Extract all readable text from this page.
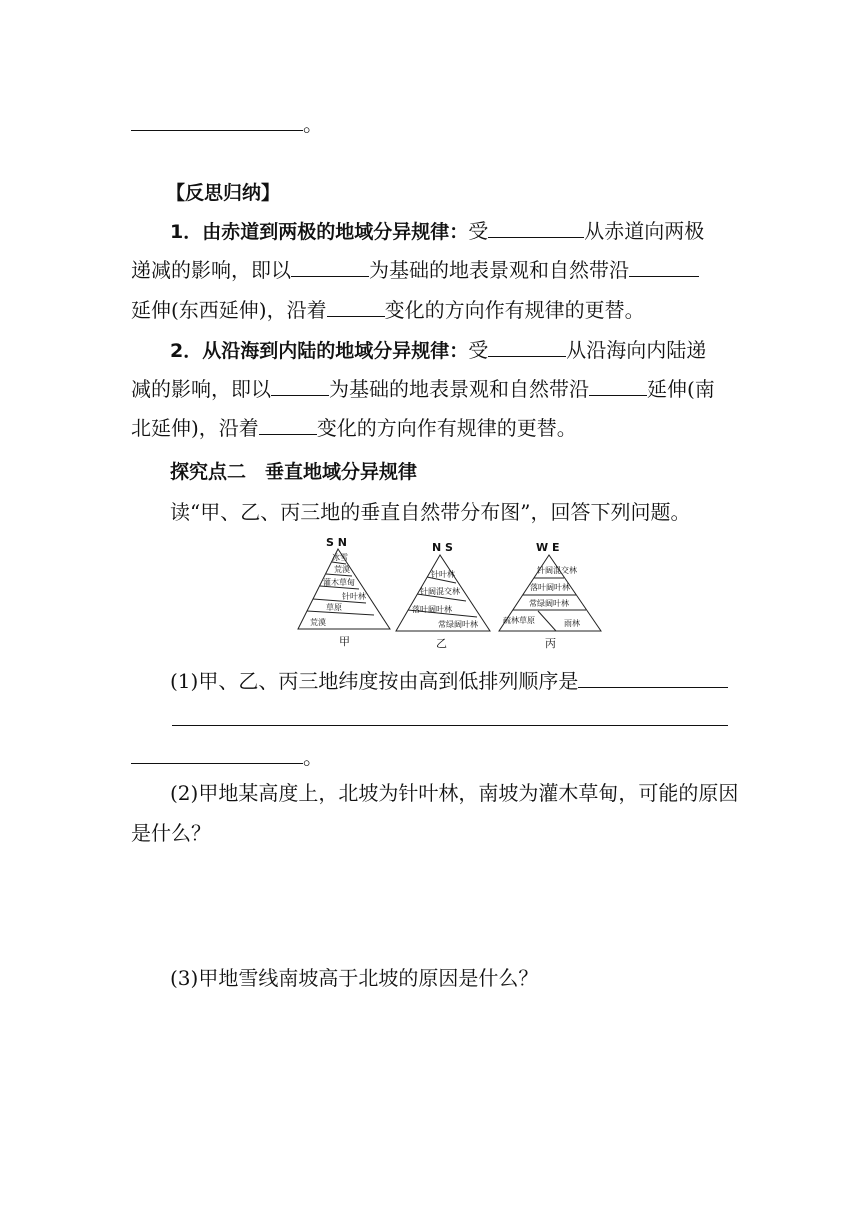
。
【反思归纳】
1．由赤道到两极的地域分异规律：受	从赤道向两极
递减的影响，即以	为基础的地表景观和自然带沿
延伸(东西延伸)，沿着	变化的方向作有规律的更替。
2．从沿海到内陆的地域分异规律：受	从沿海向内陆递
减的影响，即以	为基础的地表景观和自然带沿	延伸(南
北延伸)，沿着	变化的方向作有规律的更替。
探究点二　垂直地域分异规律
读“甲、乙、丙三地的垂直自然带分布图”，回答下列问题。
S N
冰雪
荒漠
灌木草甸
针叶林
草原
荒漠
甲
N S
针叶林
针阔混交林
落叶阔叶林
常绿阔叶林
乙
W E
针阔混交林
落叶阔叶林
常绿阔叶林
疏林草原	雨林
丙
(1)甲、乙、丙三地纬度按由高到低排列顺序是
。
(2)甲地某高度上，北坡为针叶林，南坡为灌木草甸，可能的原因
是什么？
(3)甲地雪线南坡高于北坡的原因是什么？
